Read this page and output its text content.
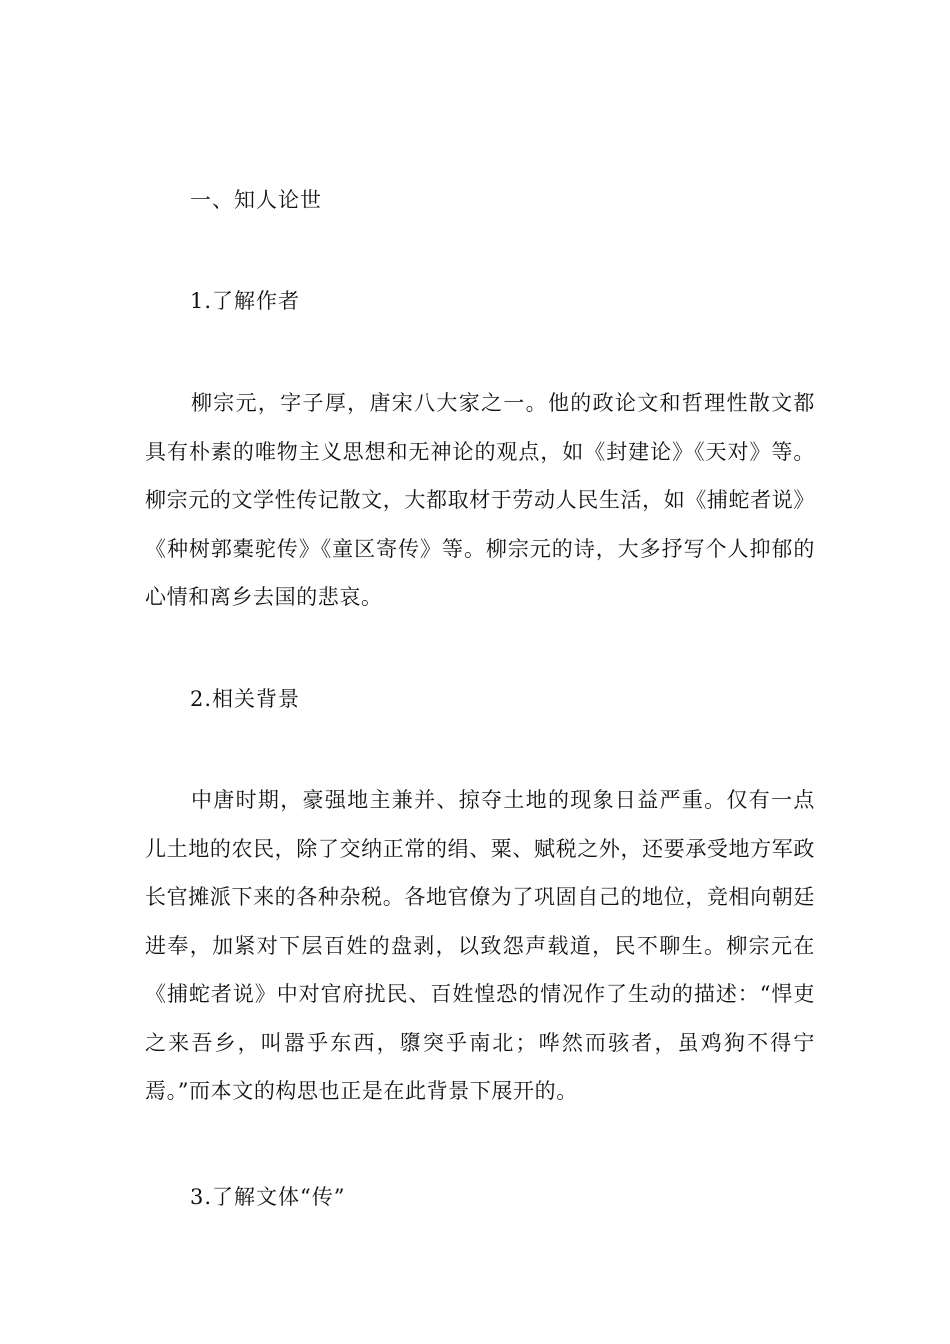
一、知人论世
1.了解作者

柳宗元，字子厚，唐宋八大家之一。他的政论文和哲理性散文都具有朴素的唯物主义思想和无神论的观点，如《封建论》《天对》等。柳宗元的文学性传记散文，大都取材于劳动人民生活，如《捕蛇者说》《种树郭橐驼传》《童区寄传》等。柳宗元的诗，大多抒写个人抑郁的心情和离乡去国的悲哀。

2.相关背景

中唐时期，豪强地主兼并、掠夺土地的现象日益严重。仅有一点儿土地的农民，除了交纳正常的绢、粟、赋税之外，还要承受地方军政长官摊派下来的各种杂税。各地官僚为了巩固自己的地位，竞相向朝廷进奉，加紧对下层百姓的盘剥，以致怨声载道，民不聊生。柳宗元在《捕蛇者说》中对官府扰民、百姓惶恐的情况作了生动的描述：“悍吏之来吾乡，叫嚣乎东西，隳突乎南北；哗然而骇者，虽鸡狗不得宁焉。”而本文的构思也正是在此背景下展开的。

3.了解文体“传”
